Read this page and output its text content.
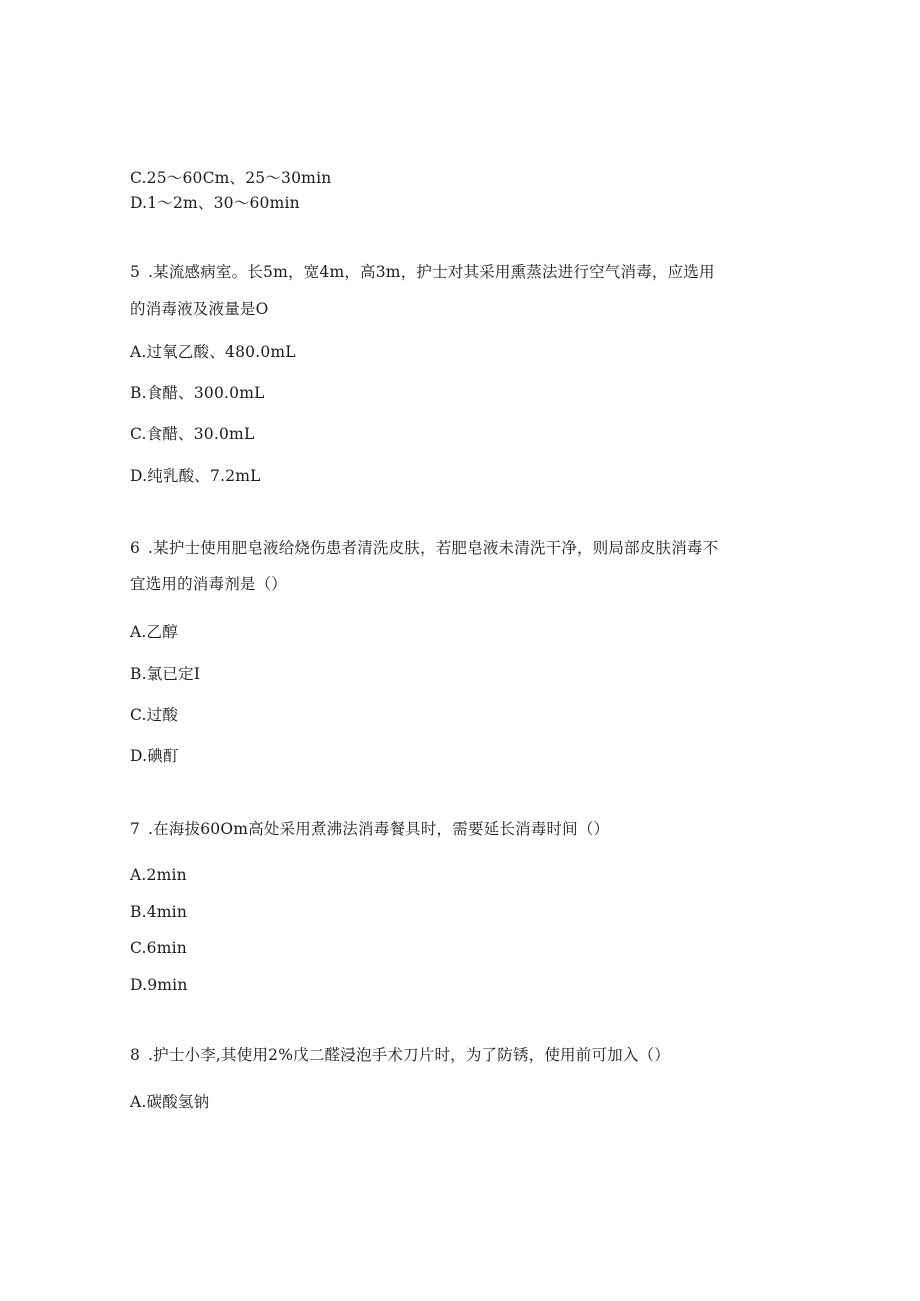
C.25～60Cm、25～30min
D.1～2m、30～60min
5 .某流感病室。长5m，宽4m，高3m，护士对其采用熏蒸法进行空气消毒，应选用
的消毒液及液量是O
A.过氧乙酸、480.0mL
B.食醋、300.0mL
C.食醋、30.0mL
D.纯乳酸、7.2mL
6 .某护士使用肥皂液给烧伤患者清洗皮肤，若肥皂液未清洗干净，则局部皮肤消毒不
宜选用的消毒剂是（）
A.乙醇
B.氯已定I
C.过酸
D.碘酊
7 .在海拔60Om高处采用煮沸法消毒餐具时，需要延长消毒时间（）
A.2min
B.4min
C.6min
D.9min
8 .护士小李,其使用2%戊二醛浸泡手术刀片时，为了防锈，使用前可加入（）
A.碳酸氢钠
